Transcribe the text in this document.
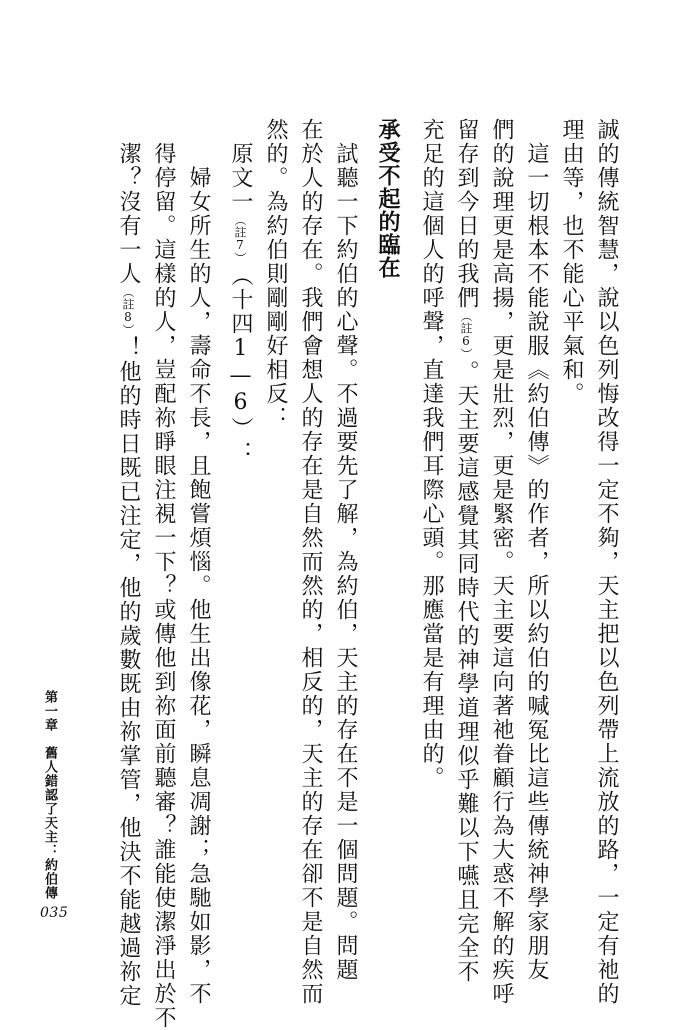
誠的傳統智慧，說以色列悔改得一定不夠，天主把以色列帶上流放的路，一定有祂的
理由等，也不能心平氣和。
　這一切根本不能說服《約伯傳》的作者，所以約伯的喊冤比這些傳統神學家朋友
們的說理更是高揚，更是壯烈，更是緊密。天主要這向著祂眷顧行為大惑不解的疾呼
留存到今日的我們（註6）。天主要這感覺其同時代的神學道理似乎難以下嚥且完全不
充足的這個人的呼聲，直達我們耳際心頭。那應當是有理由的。
承受不起的臨在
　試聽一下約伯的心聲。不過要先了解，為約伯，天主的存在不是一個問題。問題
在於人的存在。我們會想人的存在是自然而然的，相反的，天主的存在卻不是自然而
然的。為約伯則剛剛好相反：
　原文一（註7）（十四1—6）：
　　婦女所生的人，壽命不長，且飽嘗煩惱。他生出像花，瞬息凋謝；急馳如影，不
　得停留。這樣的人，豈配祢睜眼注視一下？或傳他到祢面前聽審？誰能使潔淨出於不
　潔？沒有一人（註8）！他的時日既已注定，他的歲數既由祢掌管，他決不能越過祢定
第一章舊人錯認了天主：約伯傳
035
